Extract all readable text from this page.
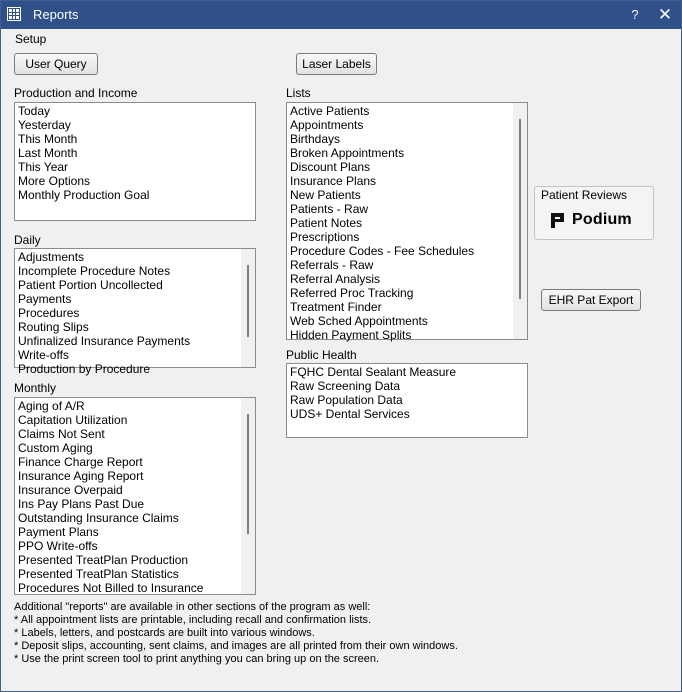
Reports	?	✕
Setup
User Query	Laser Labels
Production and Income
Today
Yesterday
This Month
Last Month
This Year
More Options
Monthly Production Goal
Daily
Adjustments
Incomplete Procedure Notes
Patient Portion Uncollected
Payments
Procedures
Routing Slips
Unfinalized Insurance Payments
Write-offs
Production by Procedure
Monthly
Aging of A/R
Capitation Utilization
Claims Not Sent
Custom Aging
Finance Charge Report
Insurance Aging Report
Insurance Overpaid
Ins Pay Plans Past Due
Outstanding Insurance Claims
Payment Plans
PPO Write-offs
Presented TreatPlan Production
Presented TreatPlan Statistics
Procedures Not Billed to Insurance
Lists
Active Patients
Appointments
Birthdays
Broken Appointments
Discount Plans
Insurance Plans
New Patients
Patients - Raw
Patient Notes
Prescriptions
Procedure Codes - Fee Schedules
Referrals - Raw
Referral Analysis
Referred Proc Tracking
Treatment Finder
Web Sched Appointments
Hidden Payment Splits
Public Health
FQHC Dental Sealant Measure
Raw Screening Data
Raw Population Data
UDS+ Dental Services
Patient Reviews
Podium
EHR Pat Export
Additional "reports" are available in other sections of the program as well:
* All appointment lists are printable, including recall and confirmation lists.
* Labels, letters, and postcards are built into various windows.
* Deposit slips, accounting, sent claims, and images are all printed from their own windows.
* Use the print screen tool to print anything you can bring up on the screen.
